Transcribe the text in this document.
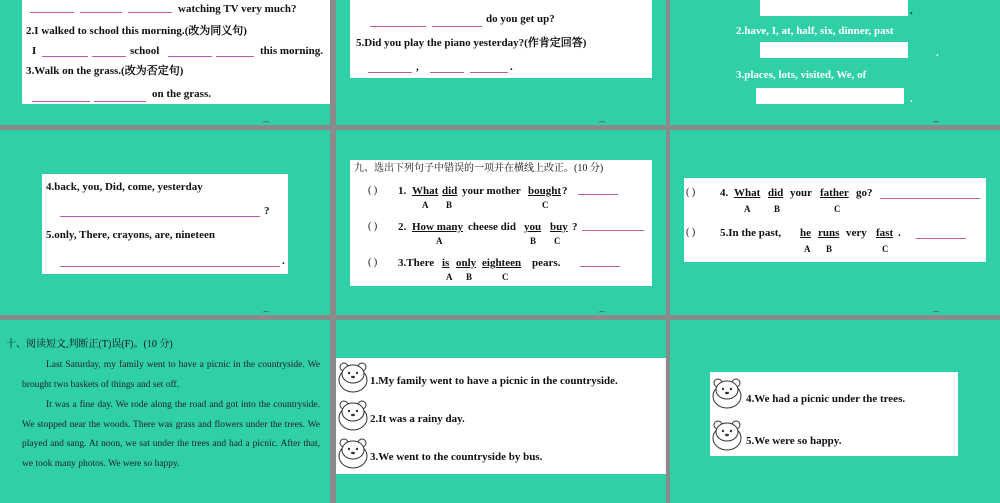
watching TV very much?
2.I walked to school this morning.(改为同义句)
I	school	this morning.
3.Walk on the grass.(改为否定句)
on the grass.
do you get up?
5.Did you play the piano yesterday?(作肯定回答)
,	.
.
2.have, I, at, half, six, dinner, past
.
3.places, lots, visited, We, of
.
4.back, you, Did, come, yesterday
?
5.only, There, crayons, are, nineteen
.
九、选出下列句子中错误的一项并在横线上改正。(10 分)
( ) 1. What did your mother bought ?
A B	C
( ) 2. How many cheese did you buy ?
A	B C
( ) 3.There is only eighteen pears.
A B	C
( ) 4. What did your father go?
A	B	C
( ) 5.In the past, he runs very fast .
A B	C
十、阅读短文,判断正(T)误(F)。(10 分)
Last Saturday, my family went to have a picnic in the countryside. We brought two baskets of things and set off.
It was a fine day. We rode along the road and got into the countryside. We stopped near the woods. There was grass and flowers under the trees. We played and sang. At noon, we sat under the trees and had a picnic. After that, we took many photos. We were so happy.
1.My family went to have a picnic in the countryside.
2.It was a rainy day.
3.We went to the countryside by bus.
4.We had a picnic under the trees.
5.We were so happy.
